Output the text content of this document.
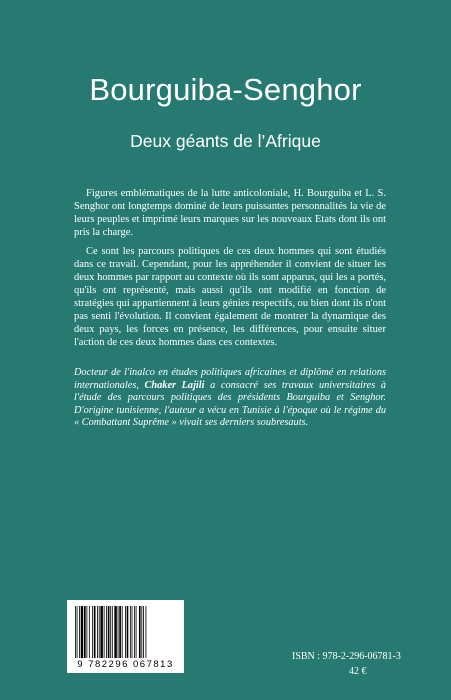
Bourguiba-Senghor
Deux géants de l’Afrique

Figures emblématiques de la lutte anticoloniale, H. Bourguiba et L. S. Senghor ont longtemps dominé de leurs puissantes personnalités la vie de leurs peuples et imprimé leurs marques sur les nouveaux Etats dont ils ont pris la charge.

Ce sont les parcours politiques de ces deux hommes qui sont étudiés dans ce travail. Cependant, pour les appréhender il convient de situer les deux hommes par rapport au contexte où ils sont apparus, qui les a portés, qu'ils ont représenté, mais aussi qu'ils ont modifié en fonction de stratégies qui appartiennent à leurs génies respectifs, ou bien dont ils n'ont pas senti l'évolution. Il convient également de montrer la dynamique des deux pays, les forces en présence, les différences, pour ensuite situer l'action de ces deux hommes dans ces contextes.

Docteur de l'inalco en études politiques africaines et diplômé en relations internationales, Chaker Lajili a consacré ses travaux universitaires à l'étude des parcours politiques des présidents Bourguiba et Senghor. D'origine tunisienne, l'auteur a vécu en Tunisie à l'époque où le régime du « Combattant Suprême » vivait ses derniers soubresauts.
9 782296 067813
ISBN : 978-2-296-06781-3
42 €
